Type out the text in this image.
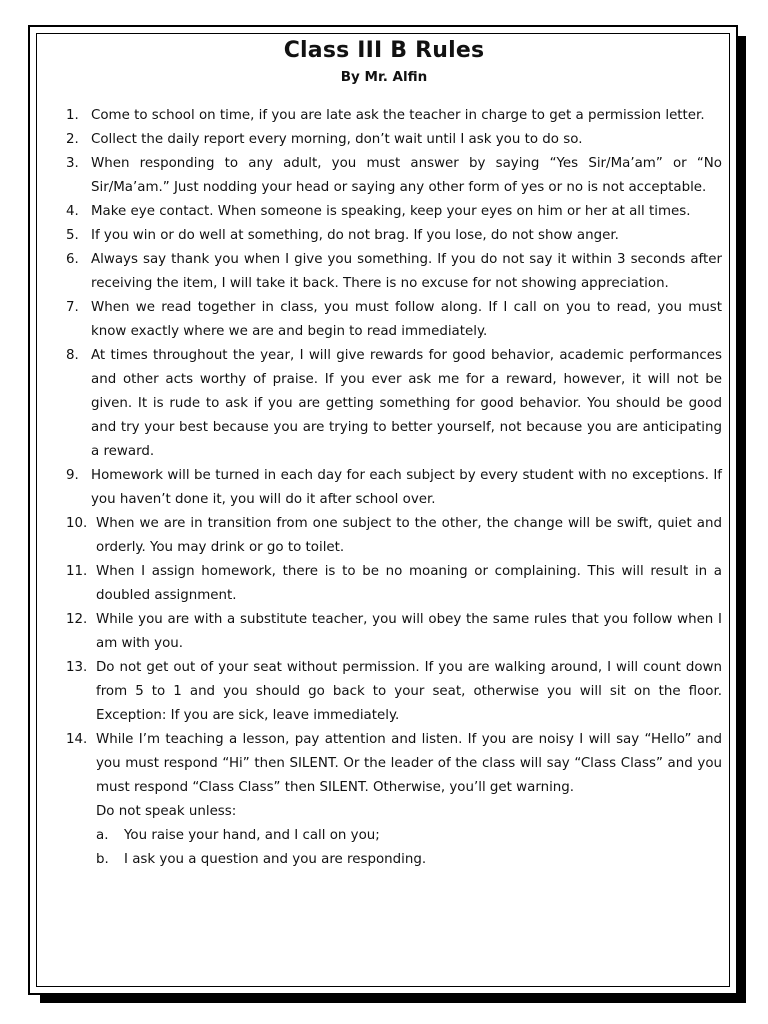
Class III B Rules
By Mr. Alfin
1. Come to school on time, if you are late ask the teacher in charge to get a permission letter.
2. Collect the daily report every morning, don’t wait until I ask you to do so.
3. When responding to any adult, you must answer by saying “Yes Sir/Ma’am” or “No Sir/Ma’am.” Just nodding your head or saying any other form of yes or no is not acceptable.
4. Make eye contact. When someone is speaking, keep your eyes on him or her at all times.
5. If you win or do well at something, do not brag. If you lose, do not show anger.
6. Always say thank you when I give you something. If you do not say it within 3 seconds after receiving the item, I will take it back. There is no excuse for not showing appreciation.
7. When we read together in class, you must follow along. If I call on you to read, you must know exactly where we are and begin to read immediately.
8. At times throughout the year, I will give rewards for good behavior, academic performances and other acts worthy of praise. If you ever ask me for a reward, however, it will not be given. It is rude to ask if you are getting something for good behavior. You should be good and try your best because you are trying to better yourself, not because you are anticipating a reward.
9. Homework will be turned in each day for each subject by every student with no exceptions. If you haven’t done it, you will do it after school over.
10. When we are in transition from one subject to the other, the change will be swift, quiet and orderly. You may drink or go to toilet.
11. When I assign homework, there is to be no moaning or complaining. This will result in a doubled assignment.
12. While you are with a substitute teacher, you will obey the same rules that you follow when I am with you.
13. Do not get out of your seat without permission. If you are walking around, I will count down from 5 to 1 and you should go back to your seat, otherwise you will sit on the floor. Exception: If you are sick, leave immediately.
14. While I’m teaching a lesson, pay attention and listen. If you are noisy I will say “Hello” and you must respond “Hi” then SILENT. Or the leader of the class will say “Class Class” and you must respond “Class Class” then SILENT. Otherwise, you’ll get warning.
Do not speak unless:
a.	You raise your hand, and I call on you;
b.	I ask you a question and you are responding.
